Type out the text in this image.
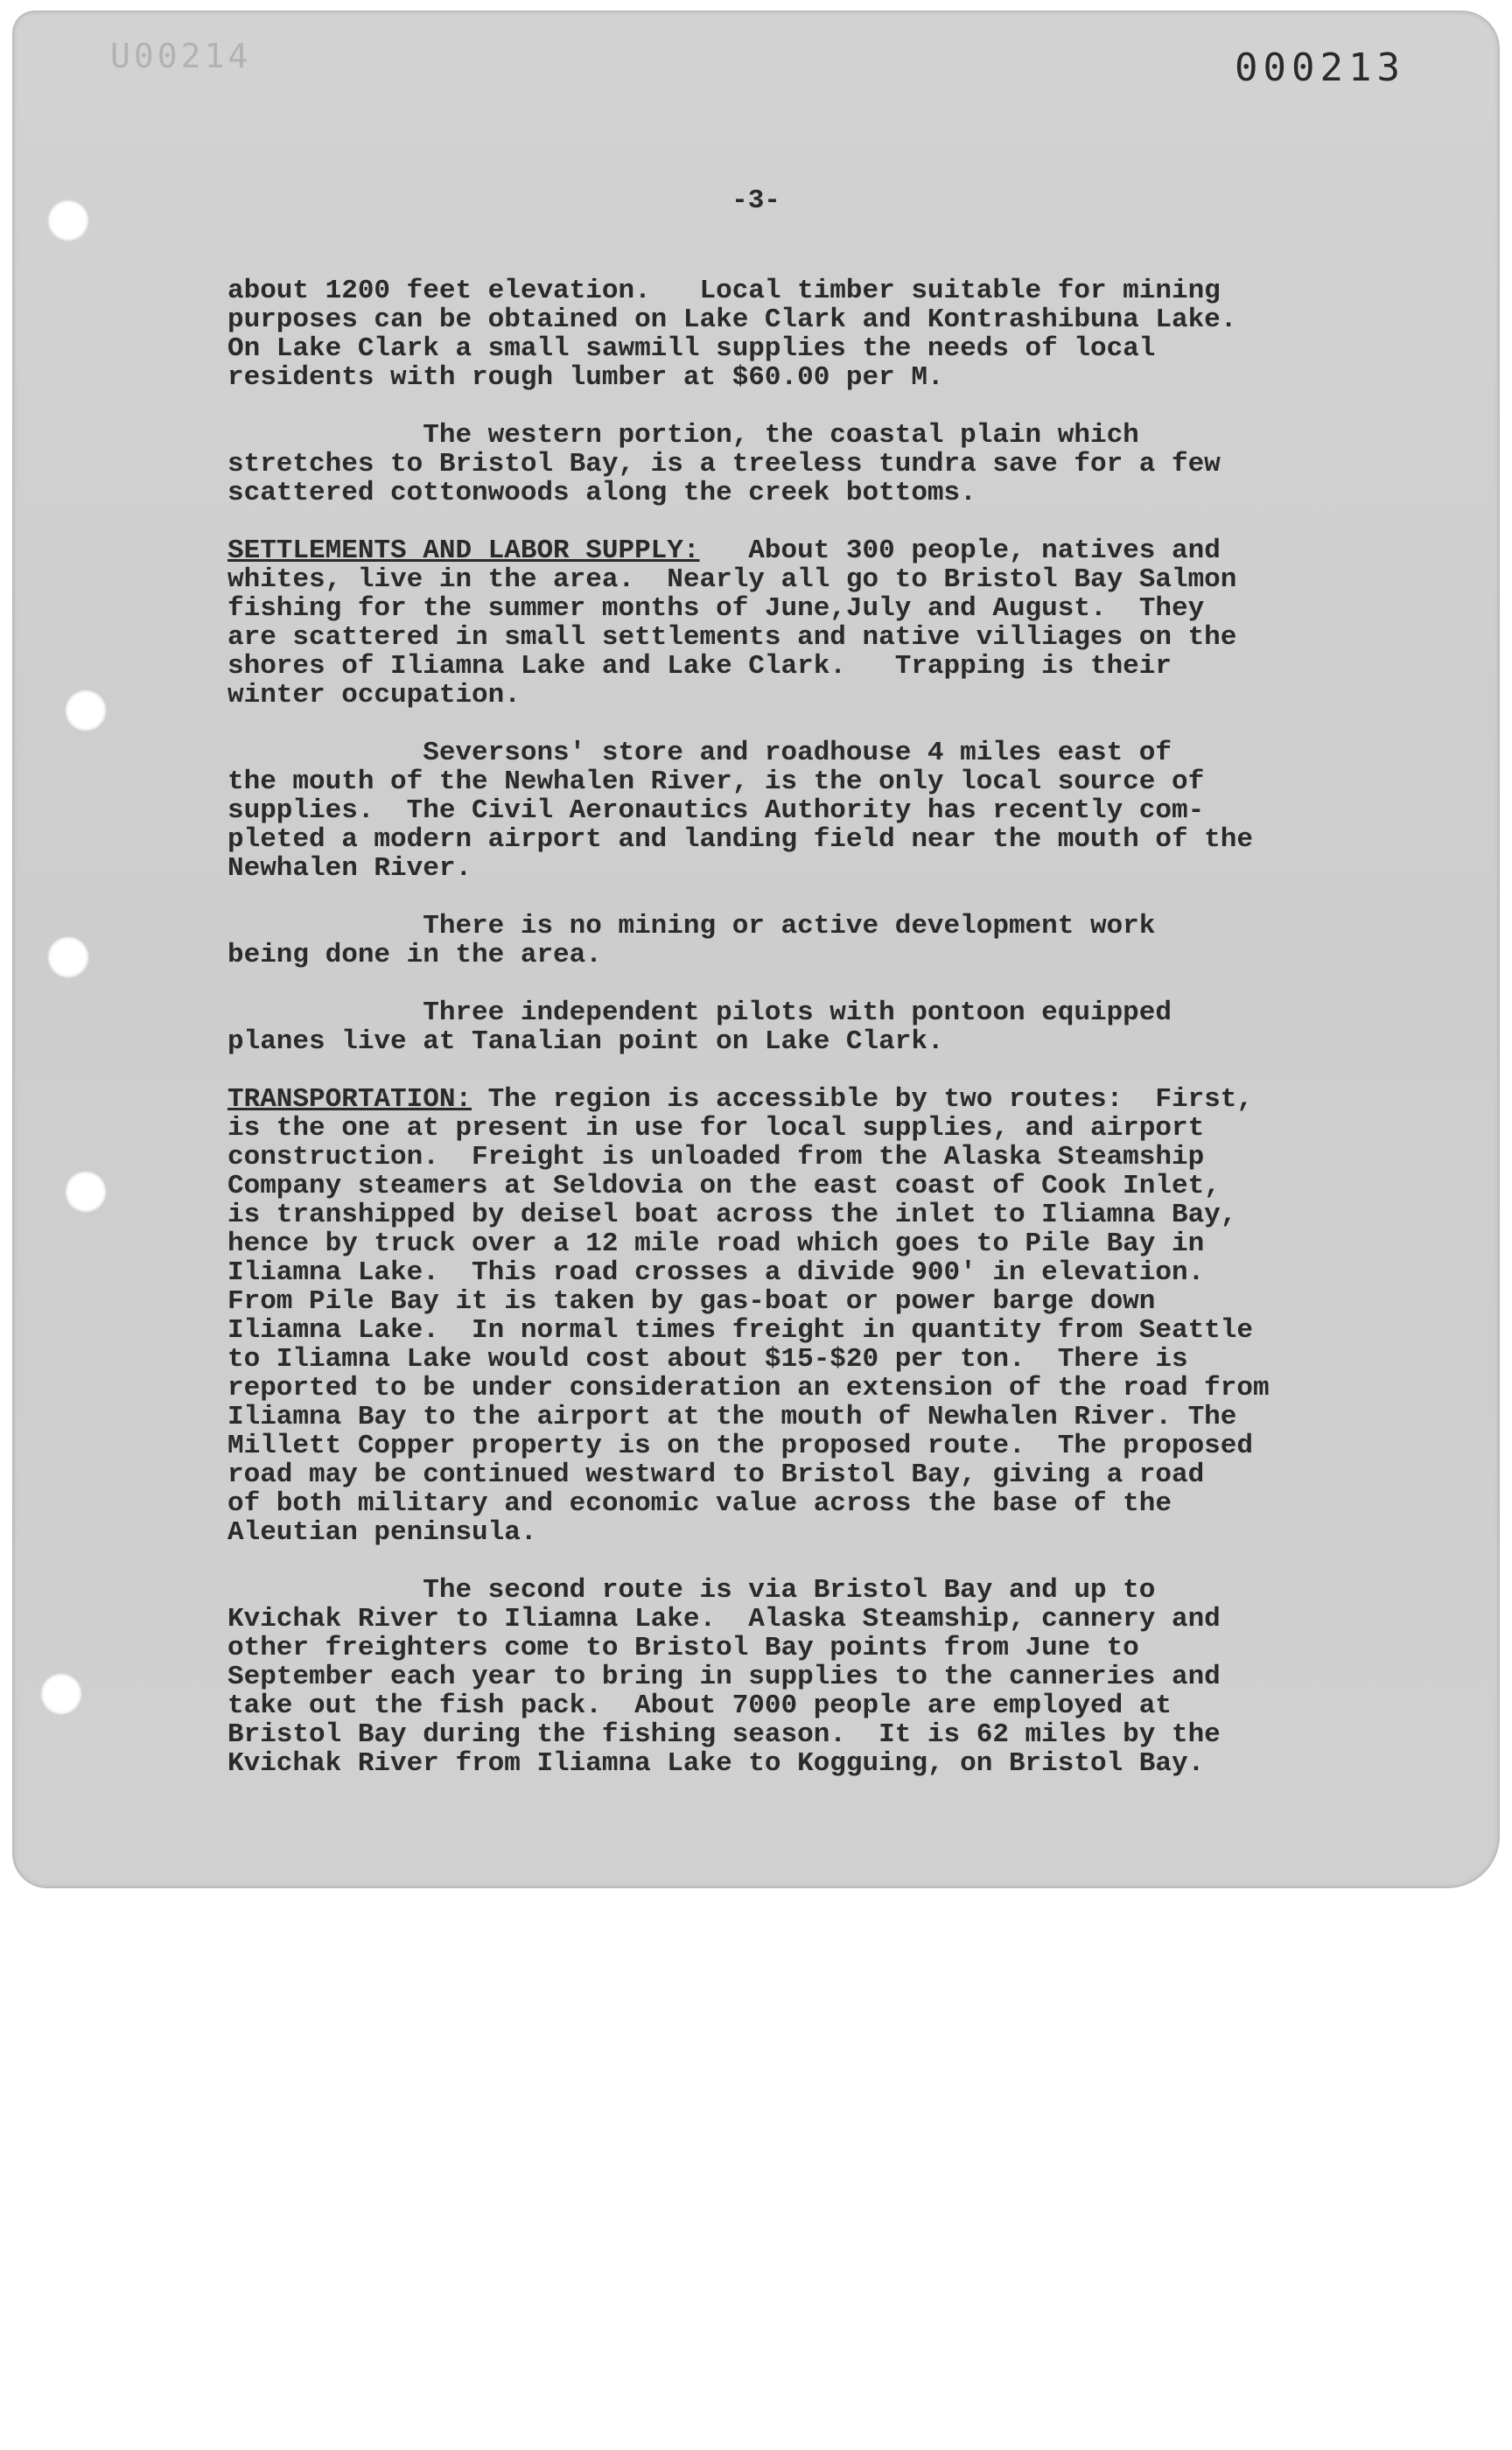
U00214	000213
-3-
about 1200 feet elevation.   Local timber suitable for mining
purposes can be obtained on Lake Clark and Kontrashibuna Lake.
On Lake Clark a small sawmill supplies the needs of local
residents with rough lumber at $60.00 per M.
The western portion, the coastal plain which
stretches to Bristol Bay, is a treeless tundra save for a few
scattered cottonwoods along the creek bottoms.
SETTLEMENTS AND LABOR SUPPLY:   About 300 people, natives and
whites, live in the area.  Nearly all go to Bristol Bay Salmon
fishing for the summer months of June,July and August.  They
are scattered in small settlements and native villiages on the
shores of Iliamna Lake and Lake Clark.   Trapping is their
winter occupation.
Seversons' store and roadhouse 4 miles east of
the mouth of the Newhalen River, is the only local source of
supplies.  The Civil Aeronautics Authority has recently com-
pleted a modern airport and landing field near the mouth of the
Newhalen River.
There is no mining or active development work
being done in the area.
Three independent pilots with pontoon equipped
planes live at Tanalian point on Lake Clark.
TRANSPORTATION: The region is accessible by two routes:  First,
is the one at present in use for local supplies, and airport
construction.  Freight is unloaded from the Alaska Steamship
Company steamers at Seldovia on the east coast of Cook Inlet,
is transhipped by deisel boat across the inlet to Iliamna Bay,
hence by truck over a 12 mile road which goes to Pile Bay in
Iliamna Lake.  This road crosses a divide 900' in elevation.
From Pile Bay it is taken by gas-boat or power barge down
Iliamna Lake.  In normal times freight in quantity from Seattle
to Iliamna Lake would cost about $15-$20 per ton.  There is
reported to be under consideration an extension of the road from
Iliamna Bay to the airport at the mouth of Newhalen River. The
Millett Copper property is on the proposed route.  The proposed
road may be continued westward to Bristol Bay, giving a road
of both military and economic value across the base of the
Aleutian peninsula.
The second route is via Bristol Bay and up to
Kvichak River to Iliamna Lake.  Alaska Steamship, cannery and
other freighters come to Bristol Bay points from June to
September each year to bring in supplies to the canneries and
take out the fish pack.  About 7000 people are employed at
Bristol Bay during the fishing season.  It is 62 miles by the
Kvichak River from Iliamna Lake to Kogguing, on Bristol Bay.
